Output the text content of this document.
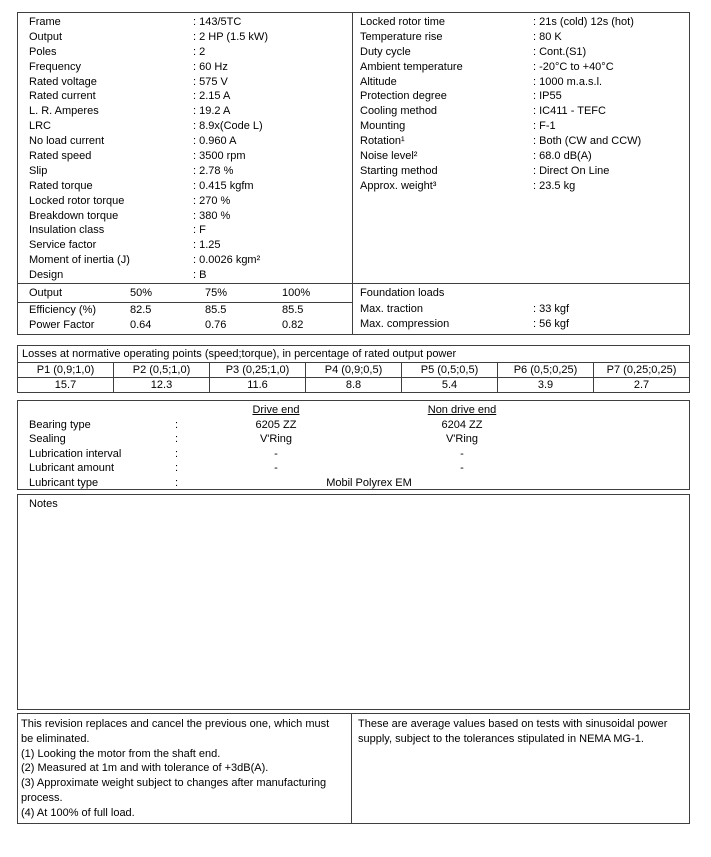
Frame	: 143/5TC
Output	: 2 HP (1.5 kW)
Poles	: 2
Frequency	: 60 Hz
Rated voltage	: 575 V
Rated current	: 2.15 A
L. R. Amperes	: 19.2 A
LRC	: 8.9x(Code L)
No load current	: 0.960 A
Rated speed	: 3500 rpm
Slip	: 2.78 %
Rated torque	: 0.415 kgfm
Locked rotor torque	: 270 %
Breakdown torque	: 380 %
Insulation class	: F
Service factor	: 1.25
Moment of inertia (J)	: 0.0026 kgm²
Design	: B
Locked rotor time	: 21s (cold) 12s (hot)
Temperature rise	: 80 K
Duty cycle	: Cont.(S1)
Ambient temperature	: -20°C to +40°C
Altitude	: 1000 m.a.s.l.
Protection degree	: IP55
Cooling method	: IC411 - TEFC
Mounting	: F-1
Rotation¹	: Both (CW and CCW)
Noise level²	: 68.0 dB(A)
Starting method	: Direct On Line
Approx. weight³	: 23.5 kg
Output	50%	75%	100%
Efficiency (%)	82.5	85.5	85.5
Power Factor	0.64	0.76	0.82
Foundation loads
Max. traction	: 33 kgf
Max. compression	: 56 kgf
Losses at normative operating points (speed;torque), in percentage of rated output power
P1 (0,9;1,0)	P2 (0,5;1,0)	P3 (0,25;1,0)	P4 (0,9;0,5)	P5 (0,5;0,5)	P6 (0,5;0,25)	P7 (0,25;0,25)
15.7	12.3	11.6	8.8	5.4	3.9	2.7
Drive end	Non drive end
Bearing type	:	6205 ZZ	6204 ZZ
Sealing	:	V'Ring	V'Ring
Lubrication interval	:	-	-
Lubricant amount	:	-	-
Lubricant type	:	Mobil Polyrex EM
Notes
This revision replaces and cancel the previous one, which must be eliminated.
(1) Looking the motor from the shaft end.
(2) Measured at 1m and with tolerance of +3dB(A).
(3) Approximate weight subject to changes after manufacturing process.
(4) At 100% of full load.
These are average values based on tests with sinusoidal power supply, subject to the tolerances stipulated in NEMA MG-1.
